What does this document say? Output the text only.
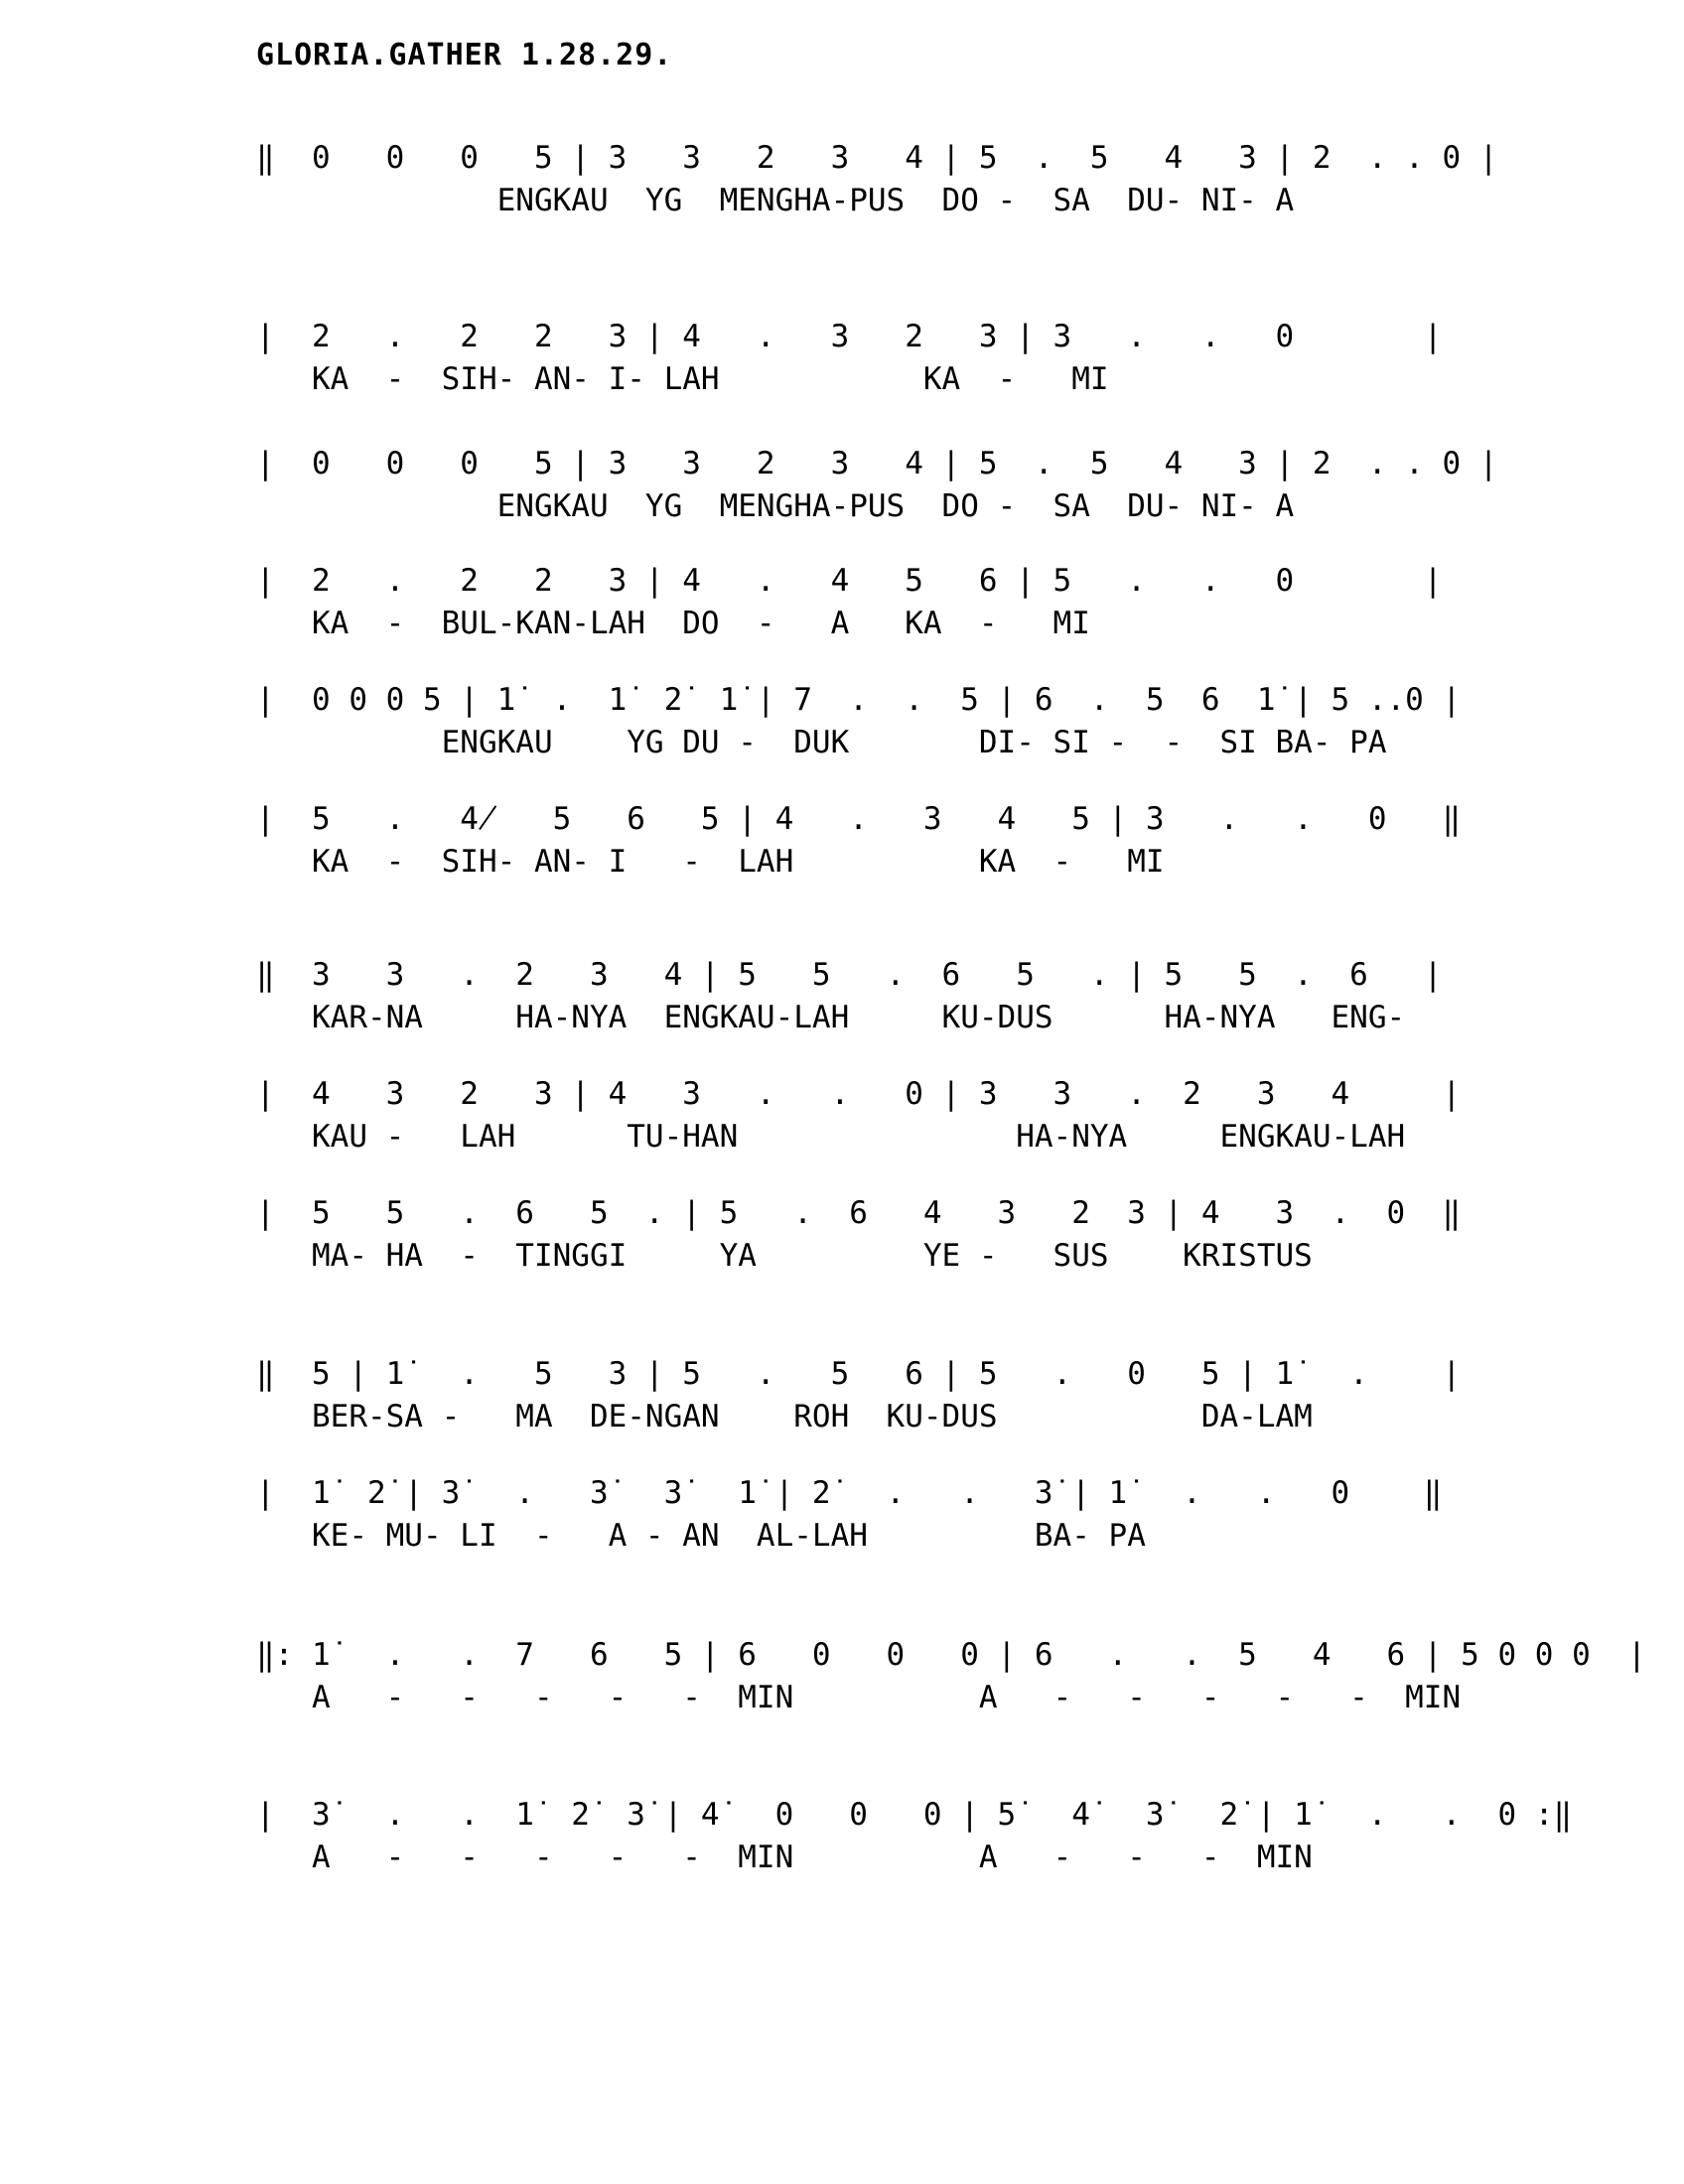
GLORIA.GATHER 1.28.29.
‖  0   0   0   5 | 3   3   2   3   4 | 5  .  5   4   3 | 2  . . 0 |
ENGKAU  YG  MENGHA-PUS  DO -  SA  DU- NI- A
|  2   .   2   2   3 | 4   .   3   2   3 | 3   .   .   0       |
KA  -  SIH- AN- I- LAH           KA  -   MI
|  0   0   0   5 | 3   3   2   3   4 | 5  .  5   4   3 | 2  . . 0 |
ENGKAU  YG  MENGHA-PUS  DO -  SA  DU- NI- A
|  2   .   2   2   3 | 4   .   4   5   6 | 5   .   .   0       |
KA  -  BUL-KAN-LAH  DO  -   A   KA  -   MI
|  0 0 0 5 | 1̇  .  1̇  2̇  1̇ | 7  .  .  5 | 6  .  5  6  1̇ | 5 ..0 |
ENGKAU    YG DU -  DUK       DI- SI -  -  SI BA- PA
|  5   .   4̸   5   6   5 | 4   .   3   4   5 | 3   .   .   0   ‖
KA  -  SIH- AN- I   -  LAH          KA  -   MI
‖  3   3   .  2   3   4 | 5   5   .  6   5   . | 5   5  .  6   |
KAR-NA     HA-NYA  ENGKAU-LAH     KU-DUS      HA-NYA   ENG-
|  4   3   2   3 | 4   3   .   .   0 | 3   3   .  2   3   4     |
KAU -   LAH      TU-HAN               HA-NYA     ENGKAU-LAH
|  5   5   .  6   5  . | 5   .  6   4   3   2  3 | 4   3  .  0  ‖
MA- HA  -  TINGGI     YA         YE -   SUS    KRISTUS
‖  5 | 1̇   .   5   3 | 5   .   5   6 | 5   .   0   5 | 1̇   .    |
BER-SA -   MA  DE-NGAN    ROH  KU-DUS           DA-LAM
|  1̇  2̇ | 3̇   .   3̇   3̇   1̇ | 2̇   .   .   3̇ | 1̇   .   .   0    ‖
KE- MU- LI  -   A - AN  AL-LAH         BA- PA
‖: 1̇   .   .  7   6   5 | 6   0   0   0 | 6   .   .  5   4   6 | 5 0 0 0  |
A   -   -   -   -   -  MIN          A   -   -   -   -   -  MIN
|  3̇   .   .  1̇  2̇  3̇ | 4̇   0   0   0 | 5̇   4̇   3̇   2̇ | 1̇   .   .  0 :‖
A   -   -   -   -   -  MIN          A   -   -   -  MIN
